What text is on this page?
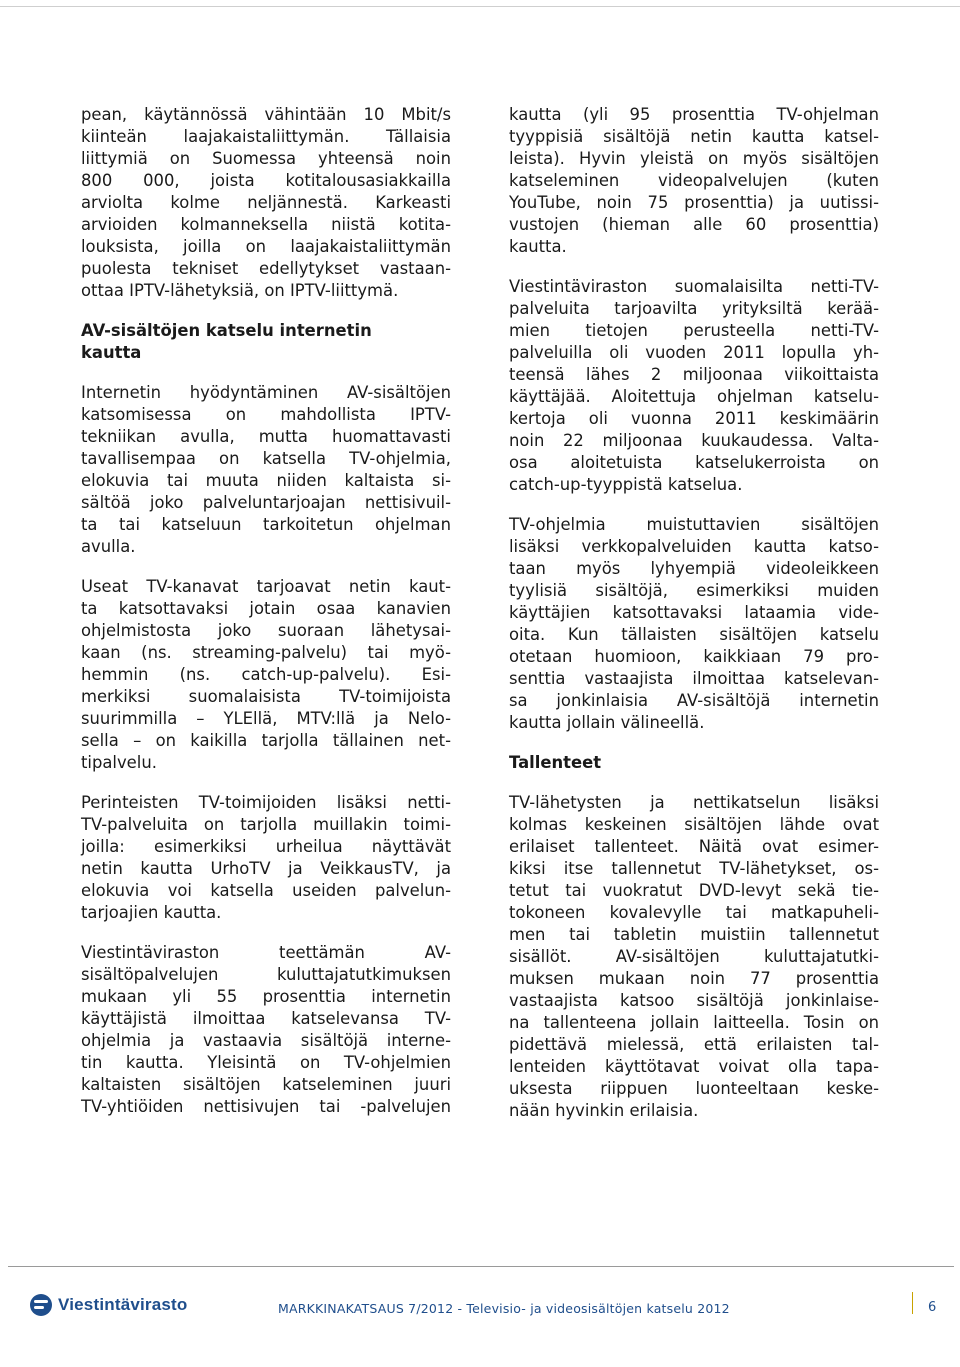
pean, käytännössä vähintään 10 Mbit/s
kiinteän laajakaistaliittymän. Tällaisia
liittymiä on Suomessa yhteensä noin
800 000, joista kotitalousasiakkailla
arviolta kolme neljännestä. Karkeasti
arvioiden kolmanneksella niistä kotita-
louksista, joilla on laajakaistaliittymän
puolesta tekniset edellytykset vastaan-
ottaa IPTV-lähetyksiä, on IPTV-liittymä.

AV-sisältöjen katselu internetin
kautta

Internetin hyödyntäminen AV-sisältöjen
katsomisessa on mahdollista IPTV-
tekniikan avulla, mutta huomattavasti
tavallisempaa on katsella TV-ohjelmia,
elokuvia tai muuta niiden kaltaista si-
sältöä joko palveluntarjoajan nettisivuil-
ta tai katseluun tarkoitetun ohjelman
avulla.

Useat TV-kanavat tarjoavat netin kaut-
ta katsottavaksi jotain osaa kanavien
ohjelmistosta joko suoraan lähetysai-
kaan (ns. streaming-palvelu) tai myö-
hemmin (ns. catch-up-palvelu). Esi-
merkiksi suomalaisista TV-toimijoista
suurimmilla – YLEllä, MTV:llä ja Nelo-
sella – on kaikilla tarjolla tällainen net-
tipalvelu.

Perinteisten TV-toimijoiden lisäksi netti-
TV-palveluita on tarjolla muillakin toimi-
joilla: esimerkiksi urheilua näyttävät
netin kautta UrhoTV ja VeikkausTV, ja
elokuvia voi katsella useiden palvelun-
tarjoajien kautta.

Viestintäviraston teettämän AV-
sisältöpalvelujen kuluttajatutkimuksen
mukaan yli 55 prosenttia internetin
käyttäjistä ilmoittaa katselevansa TV-
ohjelmia ja vastaavia sisältöjä interne-
tin kautta. Yleisintä on TV-ohjelmien
kaltaisten sisältöjen katseleminen juuri
TV-yhtiöiden nettisivujen tai -palvelujen

kautta (yli 95 prosenttia TV-ohjelman
tyyppisiä sisältöjä netin kautta katsel-
leista). Hyvin yleistä on myös sisältöjen
katseleminen videopalvelujen (kuten
YouTube, noin 75 prosenttia) ja uutissi-
vustojen (hieman alle 60 prosenttia)
kautta.

Viestintäviraston suomalaisilta netti-TV-
palveluita tarjoavilta yrityksiltä kerää-
mien tietojen perusteella netti-TV-
palveluilla oli vuoden 2011 lopulla yh-
teensä lähes 2 miljoonaa viikoittaista
käyttäjää. Aloitettuja ohjelman katselu-
kertoja oli vuonna 2011 keskimäärin
noin 22 miljoonaa kuukaudessa. Valta-
osa aloitetuista katselukerroista on
catch-up-tyyppistä katselua.

TV-ohjelmia muistuttavien sisältöjen
lisäksi verkkopalveluiden kautta katso-
taan myös lyhyempiä videoleikkeen
tyylisiä sisältöjä, esimerkiksi muiden
käyttäjien katsottavaksi lataamia vide-
oita. Kun tällaisten sisältöjen katselu
otetaan huomioon, kaikkiaan 79 pro-
senttia vastaajista ilmoittaa katselevan-
sa jonkinlaisia AV-sisältöjä internetin
kautta jollain välineellä.

Tallenteet

TV-lähetysten ja nettikatselun lisäksi
kolmas keskeinen sisältöjen lähde ovat
erilaiset tallenteet. Näitä ovat esimer-
kiksi itse tallennetut TV-lähetykset, os-
tetut tai vuokratut DVD-levyt sekä tie-
tokoneen kovalevylle tai matkapuheli-
men tai tabletin muistiin tallennetut
sisällöt. AV-sisältöjen kuluttajatutki-
muksen mukaan noin 77 prosenttia
vastaajista katsoo sisältöjä jonkinlaise-
na tallenteena jollain laitteella. Tosin on
pidettävä mielessä, että erilaisten tal-
lenteiden käyttötavat voivat olla tapa-
uksesta riippuen luonteeltaan keske-
nään hyvinkin erilaisia.

Viestintävirasto	MARKKINAKATSAUS 7/2012 - Televisio- ja videosisältöjen katselu 2012	6
